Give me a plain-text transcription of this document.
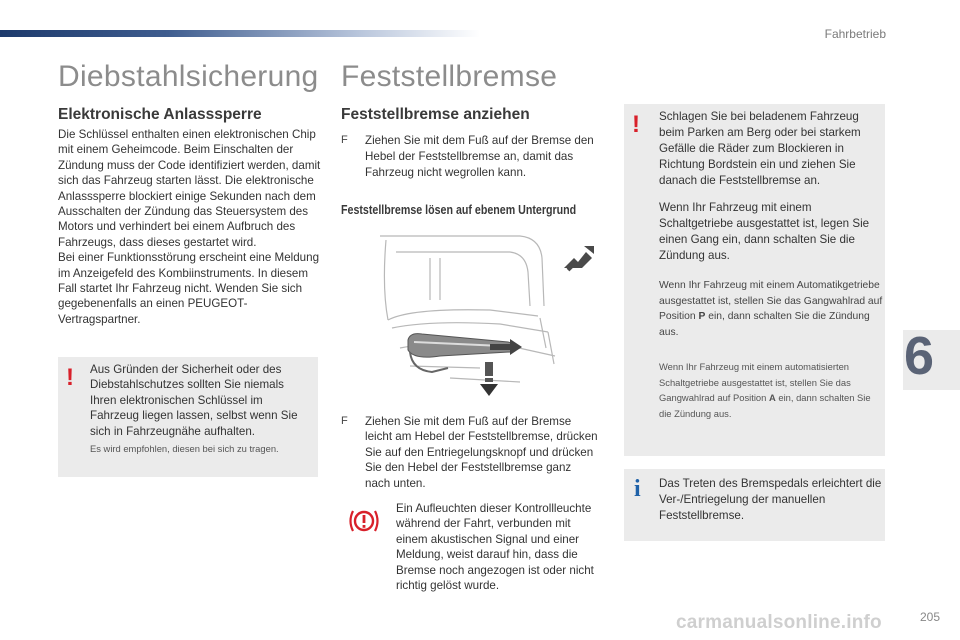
Fahrbetrieb
Diebstahlsicherung
Elektronische Anlasssperre
Die Schlüssel enthalten einen elektronischen Chip mit einem Geheimcode. Beim Einschalten der Zündung muss der Code identifiziert werden, damit sich das Fahrzeug starten lässt. Die elektronische Anlasssperre blockiert einige Sekunden nach dem Ausschalten der Zündung das Steuersystem des Motors und verhindert bei einem Aufbruch des Fahrzeugs, dass dieses gestartet wird.
Bei einer Funktionsstörung erscheint eine Meldung im Anzeigefeld des Kombiinstruments. In diesem Fall startet Ihr Fahrzeug nicht. Wenden Sie sich gegebenenfalls an einen PEUGEOT-Vertragspartner.
! Aus Gründen der Sicherheit oder des Diebstahlschutzes sollten Sie niemals Ihren elektronischen Schlüssel im Fahrzeug liegen lassen, selbst wenn Sie sich in Fahrzeugnähe aufhalten.
Es wird empfohlen, diesen bei sich zu tragen.
Feststellbremse
Feststellbremse anziehen
F	Ziehen Sie mit dem Fuß auf der Bremse den Hebel der Feststellbremse an, damit das Fahrzeug nicht wegrollen kann.
Feststellbremse lösen auf ebenem Untergrund
F	Ziehen Sie mit dem Fuß auf der Bremse leicht am Hebel der Feststellbremse, drücken Sie auf den Entriegelungsknopf und drücken Sie den Hebel der Feststellbremse ganz nach unten.
Ein Aufleuchten dieser Kontrollleuchte während der Fahrt, verbunden mit einem akustischen Signal und einer Meldung, weist darauf hin, dass die Bremse noch angezogen ist oder nicht richtig gelöst wurde.
! Schlagen Sie bei beladenem Fahrzeug beim Parken am Berg oder bei starkem Gefälle die Räder zum Blockieren in Richtung Bordstein ein und ziehen Sie danach die Feststellbremse an.
Wenn Ihr Fahrzeug mit einem Schaltgetriebe ausgestattet ist, legen Sie einen Gang ein, dann schalten Sie die Zündung aus.
Wenn Ihr Fahrzeug mit einem Automatikgetriebe ausgestattet ist, stellen Sie das Gangwahlrad auf Position P ein, dann schalten Sie die Zündung aus.
Wenn Ihr Fahrzeug mit einem automatisierten Schaltgetriebe ausgestattet ist, stellen Sie das Gangwahlrad auf Position A ein, dann schalten Sie die Zündung aus.
i Das Treten des Bremspedals erleichtert die Ver-/Entriegelung der manuellen Feststellbremse.
6
carmanualsonline.info	205
